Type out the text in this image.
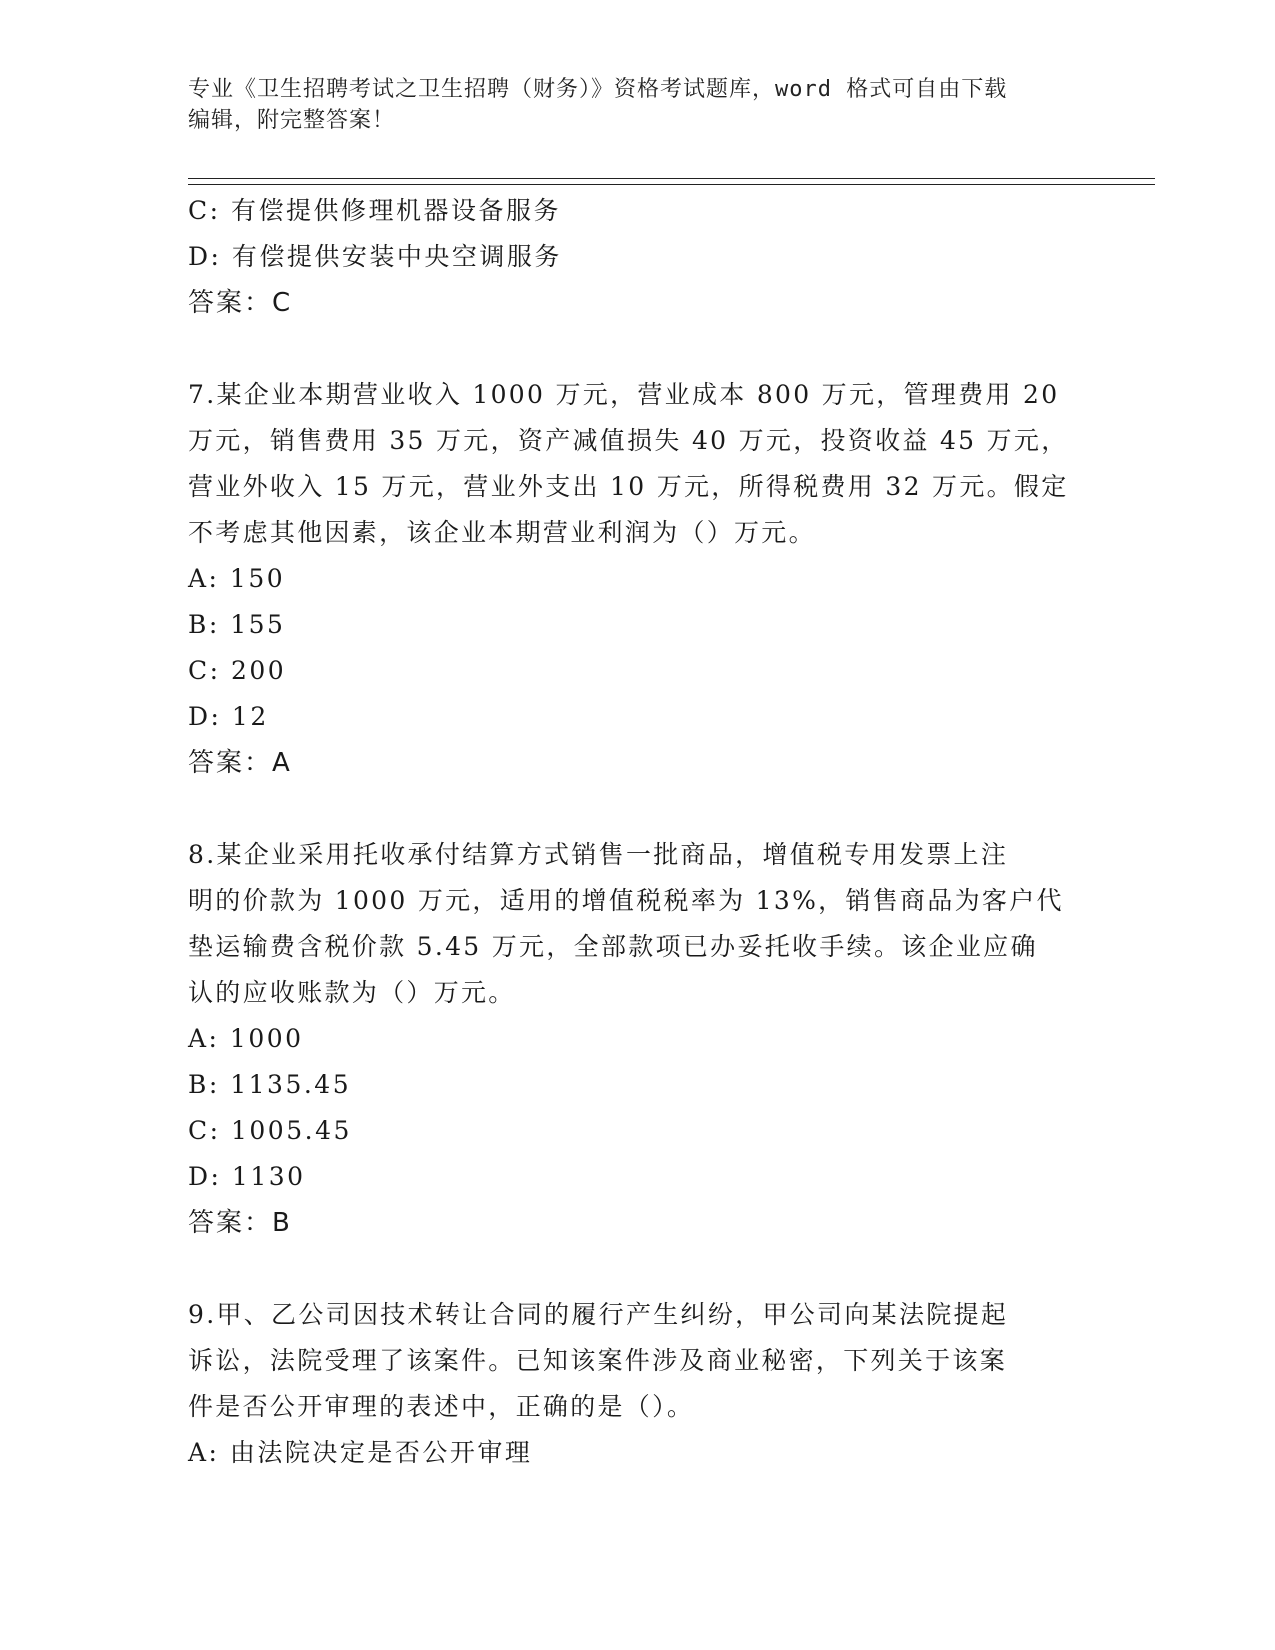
专业《卫生招聘考试之卫生招聘（财务）》资格考试题库，word 格式可自由下载
编辑，附完整答案！
C: 有偿提供修理机器设备服务
D: 有偿提供安装中央空调服务
答案：C
7.某企业本期营业收入 1000 万元，营业成本 800 万元，管理费用 20
万元，销售费用 35 万元，资产减值损失 40 万元，投资收益 45 万元，
营业外收入 15 万元，营业外支出 10 万元，所得税费用 32 万元。假定
不考虑其他因素，该企业本期营业利润为（）万元。
A: 150
B: 155
C: 200
D: 12
答案：A
8.某企业采用托收承付结算方式销售一批商品，增值税专用发票上注
明的价款为 1000 万元，适用的增值税税率为 13%，销售商品为客户代
垫运输费含税价款 5.45 万元，全部款项已办妥托收手续。该企业应确
认的应收账款为（）万元。
A: 1000
B: 1135.45
C: 1005.45
D: 1130
答案：B
9.甲、乙公司因技术转让合同的履行产生纠纷，甲公司向某法院提起
诉讼，法院受理了该案件。已知该案件涉及商业秘密，下列关于该案
件是否公开审理的表述中，正确的是（）。
A: 由法院决定是否公开审理
